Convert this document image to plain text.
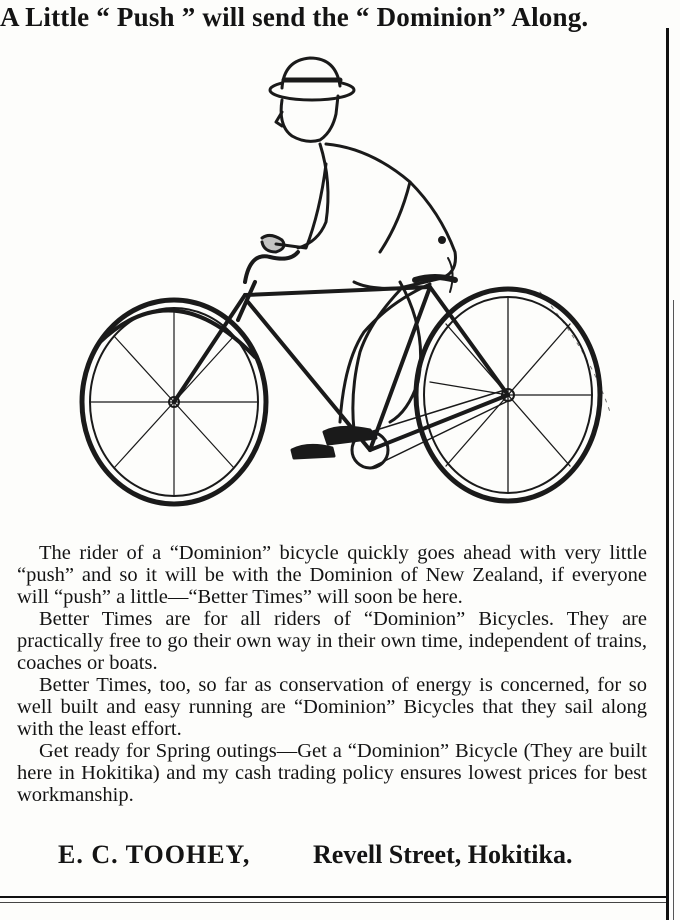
A Little “ Push ” will send the “ Dominion” Along.

The rider of a “Dominion” bicycle quickly goes ahead with very little “push” and so it will be with the Dominion of New Zealand, if everyone will “push” a little—“Better Times” will soon be here.

Better Times are for all riders of “Dominion” Bicycles. They are practically free to go their own way in their own time, independent of trains, coaches or boats.

Better Times, too, so far as conservation of energy is concerned, for so well built and easy running are “Dominion” Bicycles that they sail along with the least effort.

Get ready for Spring outings—Get a “Dominion” Bicycle (They are built here in Hokitika) and my cash trading policy ensures lowest prices for best workmanship.

E. C. TOOHEY, Revell Street, Hokitika.
